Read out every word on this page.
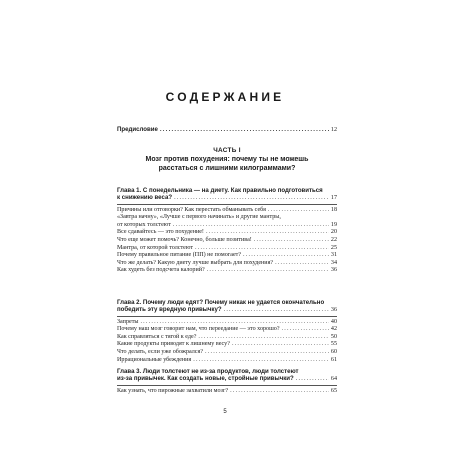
СОДЕРЖАНИЕ
Предисловие .....	12
ЧАСТЬ I
Мозг против похудения: почему ты не можешь
расстаться с лишними килограммами?
Глава 1. С понедельника — на диету. Как правильно подготовиться
к снижению веса? .....	17
Причины или отговорки? Как перестать обманывать себя .....	18
«Завтра начну», «Лучше с первого начинать» и другие мантры,
от которых толстеют .....	19
Все сдавайтесь — это похудение! .....	20
Что еще может помочь? Конечно, больше позитива! .....	22
Мантра, от которой толстеют .....	25
Почему правильное питание (ПП) не помогает? .....	31
Что же делать? Какую диету лучше выбрать для похудения? .....	34
Как худеть без подсчета калорий? .....	36
Глава 2. Почему люди едят? Почему никак не удается окончательно
победить эту вредную привычку? .....	36
Запреты .....	40
Почему наш мозг говорит нам, что переедание — это хорошо? .....	42
Как справляться с тягой к еде? .....	50
Какие продукты приводят к лишнему весу? .....	55
Что делать, если уже обожрался? .....	60
Иррациональные убеждения .....	61
Глава 3. Люди толстеют не из-за продуктов, люди толстеют
из-за привычек. Как создать новые, стройные привычки? .....	64
Как узнать, что пирожные захватили мозг? .....	65
5
